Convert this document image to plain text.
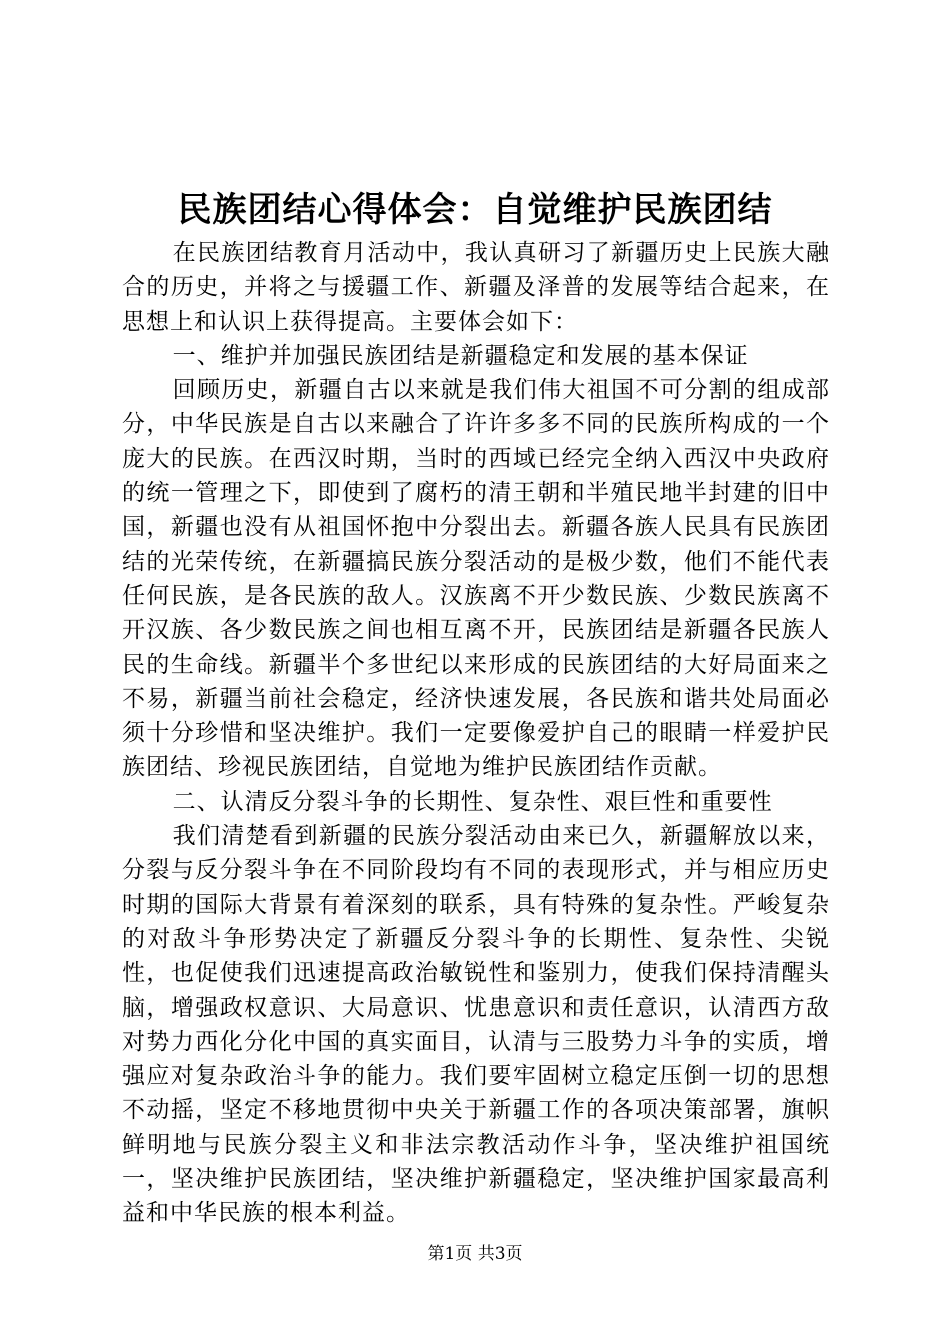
民族团结心得体会：自觉维护民族团结

在民族团结教育月活动中，我认真研习了新疆历史上民族大融合的历史，并将之与援疆工作、新疆及泽普的发展等结合起来，在思想上和认识上获得提高。主要体会如下：

一、维护并加强民族团结是新疆稳定和发展的基本保证

回顾历史，新疆自古以来就是我们伟大祖国不可分割的组成部分，中华民族是自古以来融合了许许多多不同的民族所构成的一个庞大的民族。在西汉时期，当时的西域已经完全纳入西汉中央政府的统一管理之下，即使到了腐朽的清王朝和半殖民地半封建的旧中国，新疆也没有从祖国怀抱中分裂出去。新疆各族人民具有民族团结的光荣传统，在新疆搞民族分裂活动的是极少数，他们不能代表任何民族，是各民族的敌人。汉族离不开少数民族、少数民族离不开汉族、各少数民族之间也相互离不开，民族团结是新疆各民族人民的生命线。新疆半个多世纪以来形成的民族团结的大好局面来之不易，新疆当前社会稳定，经济快速发展，各民族和谐共处局面必须十分珍惜和坚决维护。我们一定要像爱护自己的眼睛一样爱护民族团结、珍视民族团结，自觉地为维护民族团结作贡献。

二、认清反分裂斗争的长期性、复杂性、艰巨性和重要性

我们清楚看到新疆的民族分裂活动由来已久，新疆解放以来，分裂与反分裂斗争在不同阶段均有不同的表现形式，并与相应历史时期的国际大背景有着深刻的联系，具有特殊的复杂性。严峻复杂的对敌斗争形势决定了新疆反分裂斗争的长期性、复杂性、尖锐性，也促使我们迅速提高政治敏锐性和鉴别力，使我们保持清醒头脑，增强政权意识、大局意识、忧患意识和责任意识，认清西方敌对势力西化分化中国的真实面目，认清与三股势力斗争的实质，增强应对复杂政治斗争的能力。我们要牢固树立稳定压倒一切的思想不动摇，坚定不移地贯彻中央关于新疆工作的各项决策部署，旗帜鲜明地与民族分裂主义和非法宗教活动作斗争，坚决维护祖国统一，坚决维护民族团结，坚决维护新疆稳定，坚决维护国家最高利益和中华民族的根本利益。

第1页 共3页
